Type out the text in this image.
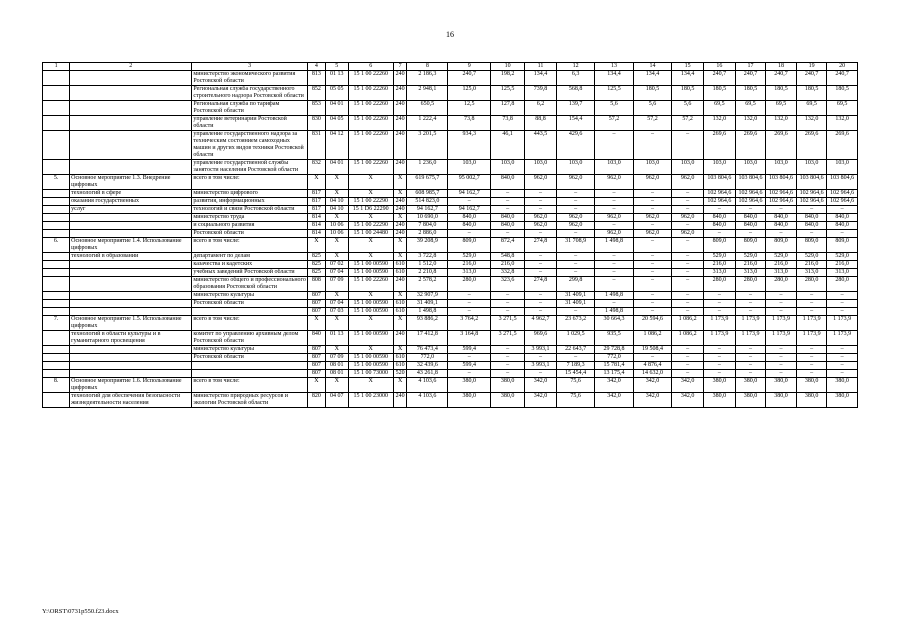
16
1	2	3	4	5	6	7	8	9	10	11	12	13	14	15	16	17	18	19	20
		министерство экономического развития Ростовской области	813	01 13	15 1 00 22260	240	2 186,3	240,7	198,2	134,4	6,3	134,4	134,4	134,4	240,7	240,7	240,7	240,7	240,7
		Региональная служба государственного строительного надзора Ростовской области	852	05 05	15 1 00 22260	240	2 948,1	125,0	125,5	739,8	568,8	125,5	180,5	180,5	180,5	180,5	180,5	180,5	180,5
		Региональная служба по тарифам Ростовской области	853	04 01	15 1 00 22260	240	650,5	12,5	127,8	6,2	139,7	5,6	5,6	5,6	69,5	69,5	69,5	69,5	69,5
		управление ветеринарии Ростовской области	830	04 05	15 1 00 22260	240	1 222,4	73,8	73,8	88,8	154,4	57,2	57,2	57,2	132,0	132,0	132,0	132,0	132,0
		управление государственного надзора за техническим состоянием самоходных машин и других видов техники Ростовской области	831	04 12	15 1 00 22260	240	3 201,5	934,3	46,1	443,5	429,6	–	–	–	269,6	269,6	269,6	269,6	269,6
		управление государственной службы занятости населения Ростовской области	832	04 01	15 1 00 22260	240	1 236,0	103,0	103,0	103,0	103,0	103,0	103,0	103,0	103,0	103,0	103,0	103,0	103,0
5.	Основное мероприятие 1.3. Внедрение цифровых	всего в том числе:	Х	Х	Х	Х	619 675,7	95 002,7	840,0	962,0	962,0	962,0	962,0	962,0	103 804,6	103 804,6	103 804,6	103 804,6	103 804,6
	технологий в сфере	министерство цифрового	817	Х	Х	Х	608 985,7	94 162,7	–	–	–	–	–	–	102 964,6	102 964,6	102 964,6	102 964,6	102 964,6
	оказания государственных	развития, информационных	817	04 10	15 1 00 22290	240	514 823,0	–	–	–	–	–	–	–	102 964,6	102 964,6	102 964,6	102 964,6	102 964,6
	услуг	технологий и связи Ростовской области	817	04 10	15 1 D6 22290	240	94 162,7	94 162,7	–	–	–	–	–	–	–	–	–	–	–
		министерство труда	814	Х	Х	Х	10 690,0	840,0	840,0	962,0	962,0	962,0	962,0	962,0	840,0	840,0	840,0	840,0	840,0
		и социального развития	814	10 06	15 1 00 22290	240	7 804,0	840,0	840,0	962,0	962,0	–	–	–	840,0	840,0	840,0	840,0	840,0
		Ростовской области	814	10 06	15 1 00 24480	240	2 886,0	–	–	–	–	962,0	962,0	962,0	–	–	–	–	–
6.	Основное мероприятие 1.4. Использование цифровых	всего в том числе:	Х	Х	Х	Х	39 208,9	809,0	872,4	274,8	31 708,9	1 498,8	–	–	809,0	809,0	809,0	809,0	809,0
	технологий в образовании	департамент по делам	825	Х	Х	Х	3 722,8	529,0	548,8	–	–	–	–	–	529,0	529,0	529,0	529,0	529,0
		казачества и кадетских	825	07 02	15 1 00 00590	610	1 512,0	216,0	216,0	–	–	–	–	–	216,0	216,0	216,0	216,0	216,0
		учебных заведений Ростовской области	825	07 04	15 1 00 00590	610	2 210,8	313,0	332,8	–	–	–	–	–	313,0	313,0	313,0	313,0	313,0
		министерство общего и профессионального образования Ростовской области	808	07 09	15 1 00 22260	240	2 578,2	280,0	323,6	274,8	299,8	–	–	–	280,0	280,0	280,0	280,0	280,0
		министерство культуры	807	Х	Х	Х	32 907,9	–	–	–	31 409,1	1 498,8	–	–	–	–	–	–	–
		Ростовской области	807	07 04	15 1 00 00590	610	31 409,1	–	–	–	31 409,1	–	–	–	–	–	–	–	–
			807	07 03	15 1 00 00590	610	1 498,8	–	–	–	–	1 498,8	–	–	–	–	–	–	–
7.	Основное мероприятие 1.5. Использование цифровых	всего в том числе:	Х	Х	Х	Х	93 886,2	3 764,2	3 271,5	4 962,7	23 673,2	30 664,3	20 594,6	1 086,2	1 173,9	1 173,9	1 173,9	1 173,9	1 173,9
	технологий в области культуры и в гуманитарного просвещения	комитет по управлению архивным делом Ростовской области	840	01 13	15 1 00 00590	240	17 412,8	3 164,8	3 271,5	969,6	1 029,5	935,5	1 086,2	1 086,2	1 173,9	1 173,9	1 173,9	1 173,9	1 173,9
		министерство культуры	807	Х	Х	Х	76 473,4	599,4	–	3 993,1	22 643,7	29 728,8	19 508,4	–	–	–	–	–	–
		Ростовской области	807	07 09	15 1 00 00590	610	772,0	–	–	–	–	772,0	–	–	–	–	–	–	–
			807	08 01	15 1 00 00590	610	32 439,6	599,4	–	3 993,1	7 189,3	15 781,4	4 876,4	–	–	–	–	–	–
			807	08 01	15 1 00 73000	520	43 261,8	–	–	–	15 454,4	13 175,4	14 632,0	–	–	–	–	–	–
8.	Основное мероприятие 1.6. Использование цифровых	всего в том числе:	Х	Х	Х	Х	4 103,6	380,0	380,0	342,0	75,6	342,0	342,0	342,0	380,0	380,0	380,0	380,0	380,0
	технологий для обеспечения безопасности жизнедеятельности населения	министерство природных ресурсов и экологии Ростовской области	820	04 07	15 1 00 23000	240	4 103,6	380,0	380,0	342,0	75,6	342,0	342,0	342,0	380,0	380,0	380,0	380,0	380,0
Y:\ORST\0731p550.f23.docx
